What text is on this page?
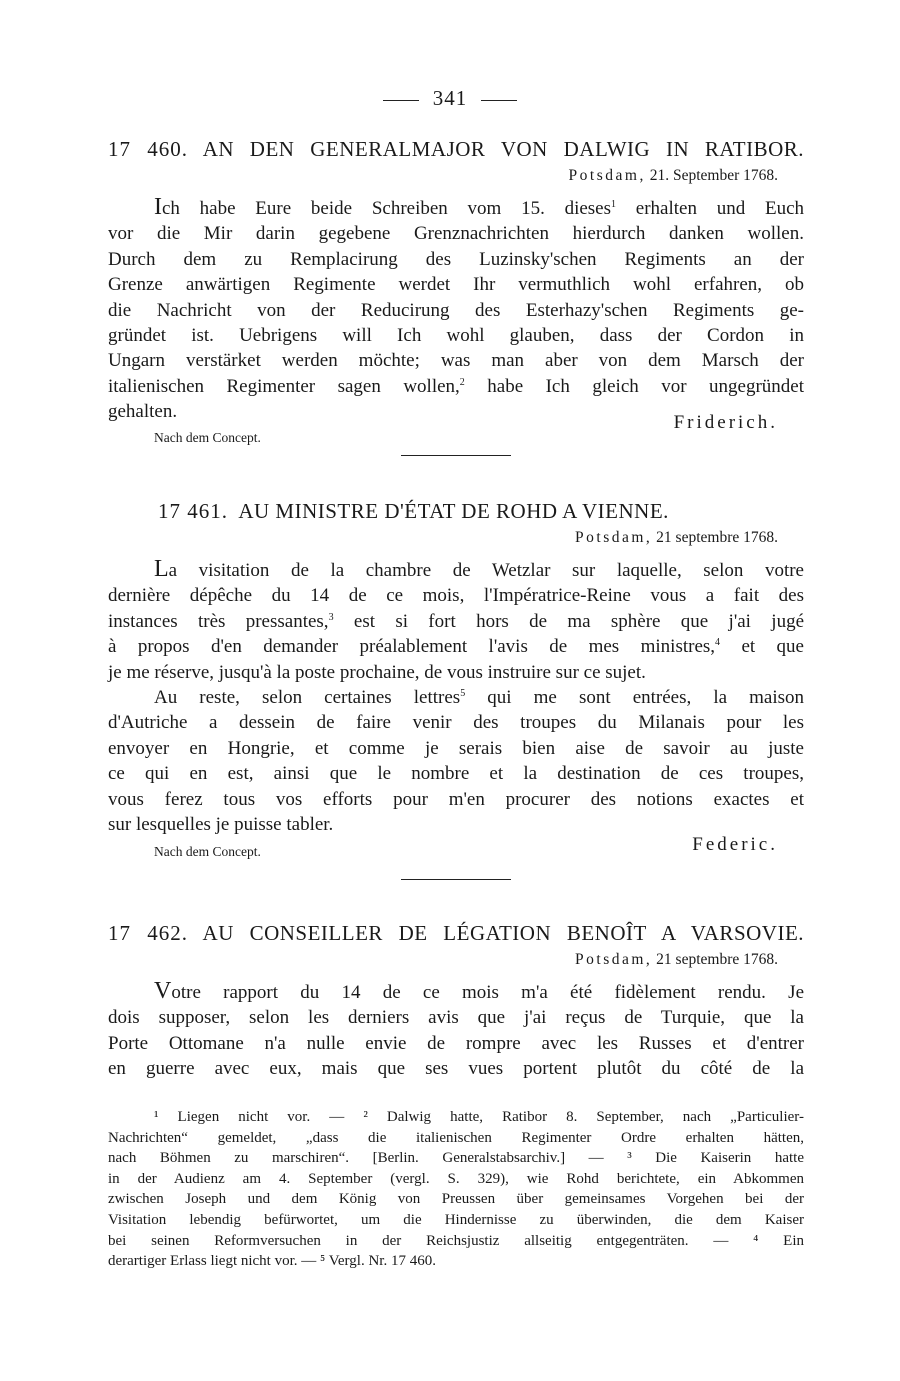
341
17 460. AN DEN GENERALMAJOR VON DALWIG IN RATIBOR.
Potsdam, 21. September 1768.

Ich habe Eure beide Schreiben vom 15. dieses$^1$ erhalten und Euch

vor die Mir darin gegebene Grenznachrichten hierdurch danken wollen.

Durch dem zu Remplacirung des Luzinsky'schen Regiments an der

Grenze anwärtigen Regimente werdet Ihr vermuthlich wohl erfahren, ob

die Nachricht von der Reducirung des Esterhazy'schen Regiments ge-

gründet ist. Uebrigens will Ich wohl glauben, dass der Cordon in

Ungarn verstärket werden möchte; was man aber von dem Marsch der

italienischen Regimenter sagen wollen,$^2$ habe Ich gleich vor ungegründet

gehalten.

Friderich.
Nach dem Concept.
17 461. AU MINISTRE D'ÉTAT DE ROHD A VIENNE.
Potsdam, 21 septembre 1768.

La visitation de la chambre de Wetzlar sur laquelle, selon votre

dernière dépêche du 14 de ce mois, l'Impératrice-Reine vous a fait des

instances très pressantes,$^3$ est si fort hors de ma sphère que j'ai jugé

à propos d'en demander préalablement l'avis de mes ministres,$^4$ et que

je me réserve, jusqu'à la poste prochaine, de vous instruire sur ce sujet.

Au reste, selon certaines lettres$^5$ qui me sont entrées, la maison

d'Autriche a dessein de faire venir des troupes du Milanais pour les

envoyer en Hongrie, et comme je serais bien aise de savoir au juste

ce qui en est, ainsi que le nombre et la destination de ces troupes,

vous ferez tous vos efforts pour m'en procurer des notions exactes et

sur lesquelles je puisse tabler.

Federic.
Nach dem Concept.
17 462. AU CONSEILLER DE LÉGATION BENOÎT A VARSOVIE.
Potsdam, 21 septembre 1768.

Votre rapport du 14 de ce mois m'a été fidèlement rendu. Je

dois supposer, selon les derniers avis que j'ai reçus de Turquie, que la

Porte Ottomane n'a nulle envie de rompre avec les Russes et d'entrer

en guerre avec eux, mais que ses vues portent plutôt du côté de la

¹ Liegen nicht vor. — ² Dalwig hatte, Ratibor 8. September, nach „Particulier-

Nachrichten“ gemeldet, „dass die italienischen Regimenter Ordre erhalten hätten,

nach Böhmen zu marschiren“. [Berlin. Generalstabsarchiv.] — ³ Die Kaiserin hatte

in der Audienz am 4. September (vergl. S. 329), wie Rohd berichtete, ein Abkommen

zwischen Joseph und dem König von Preussen über gemeinsames Vorgehen bei der

Visitation lebendig befürwortet, um die Hindernisse zu überwinden, die dem Kaiser

bei seinen Reformversuchen in der Reichsjustiz allseitig entgegenträten. — ⁴ Ein

derartiger Erlass liegt nicht vor. — ⁵ Vergl. Nr. 17 460.
